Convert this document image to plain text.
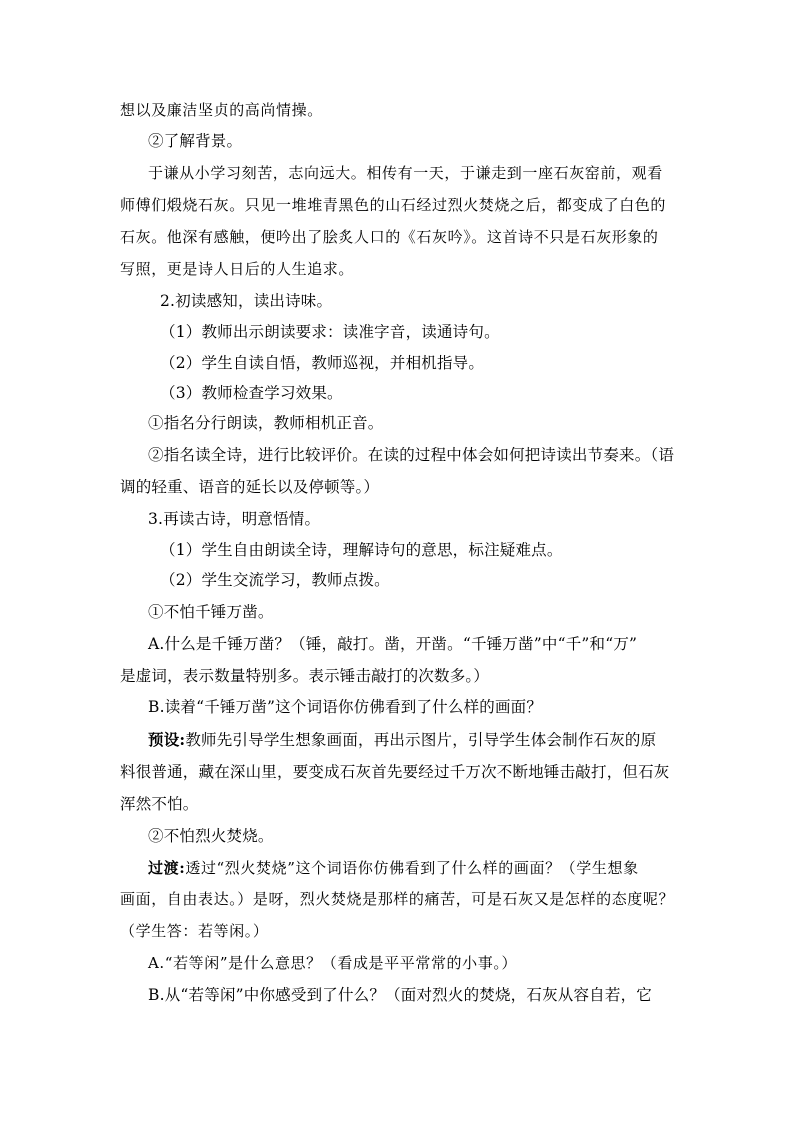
想以及廉洁坚贞的高尚情操。
②了解背景。
于谦从小学习刻苦，志向远大。相传有一天，于谦走到一座石灰窑前，观看
师傅们煅烧石灰。只见一堆堆青黑色的山石经过烈火焚烧之后，都变成了白色的
石灰。他深有感触，便吟出了脍炙人口的《石灰吟》。这首诗不只是石灰形象的
写照，更是诗人日后的人生追求。
2.初读感知，读出诗味。
（1）教师出示朗读要求：读准字音，读通诗句。
（2）学生自读自悟，教师巡视，并相机指导。
（3）教师检查学习效果。
①指名分行朗读，教师相机正音。
②指名读全诗，进行比较评价。在读的过程中体会如何把诗读出节奏来。（语
调的轻重、语音的延长以及停顿等。）
3.再读古诗，明意悟情。
（1）学生自由朗读全诗，理解诗句的意思，标注疑难点。
（2）学生交流学习，教师点拨。
①不怕千锤万凿。
A.什么是千锤万凿？（锤，敲打。凿，开凿。“千锤万凿”中“千”和“万”
是虚词，表示数量特别多。表示锤击敲打的次数多。）
B.读着“千锤万凿”这个词语你仿佛看到了什么样的画面？
预设:教师先引导学生想象画面，再出示图片，引导学生体会制作石灰的原
料很普通，藏在深山里，要变成石灰首先要经过千万次不断地锤击敲打，但石灰
浑然不怕。
②不怕烈火焚烧。
过渡:透过“烈火焚烧”这个词语你仿佛看到了什么样的画面？（学生想象
画面，自由表达。）是呀，烈火焚烧是那样的痛苦，可是石灰又是怎样的态度呢？
（学生答：若等闲。）
A.“若等闲”是什么意思？（看成是平平常常的小事。）
B.从“若等闲”中你感受到了什么？（面对烈火的焚烧，石灰从容自若，它
